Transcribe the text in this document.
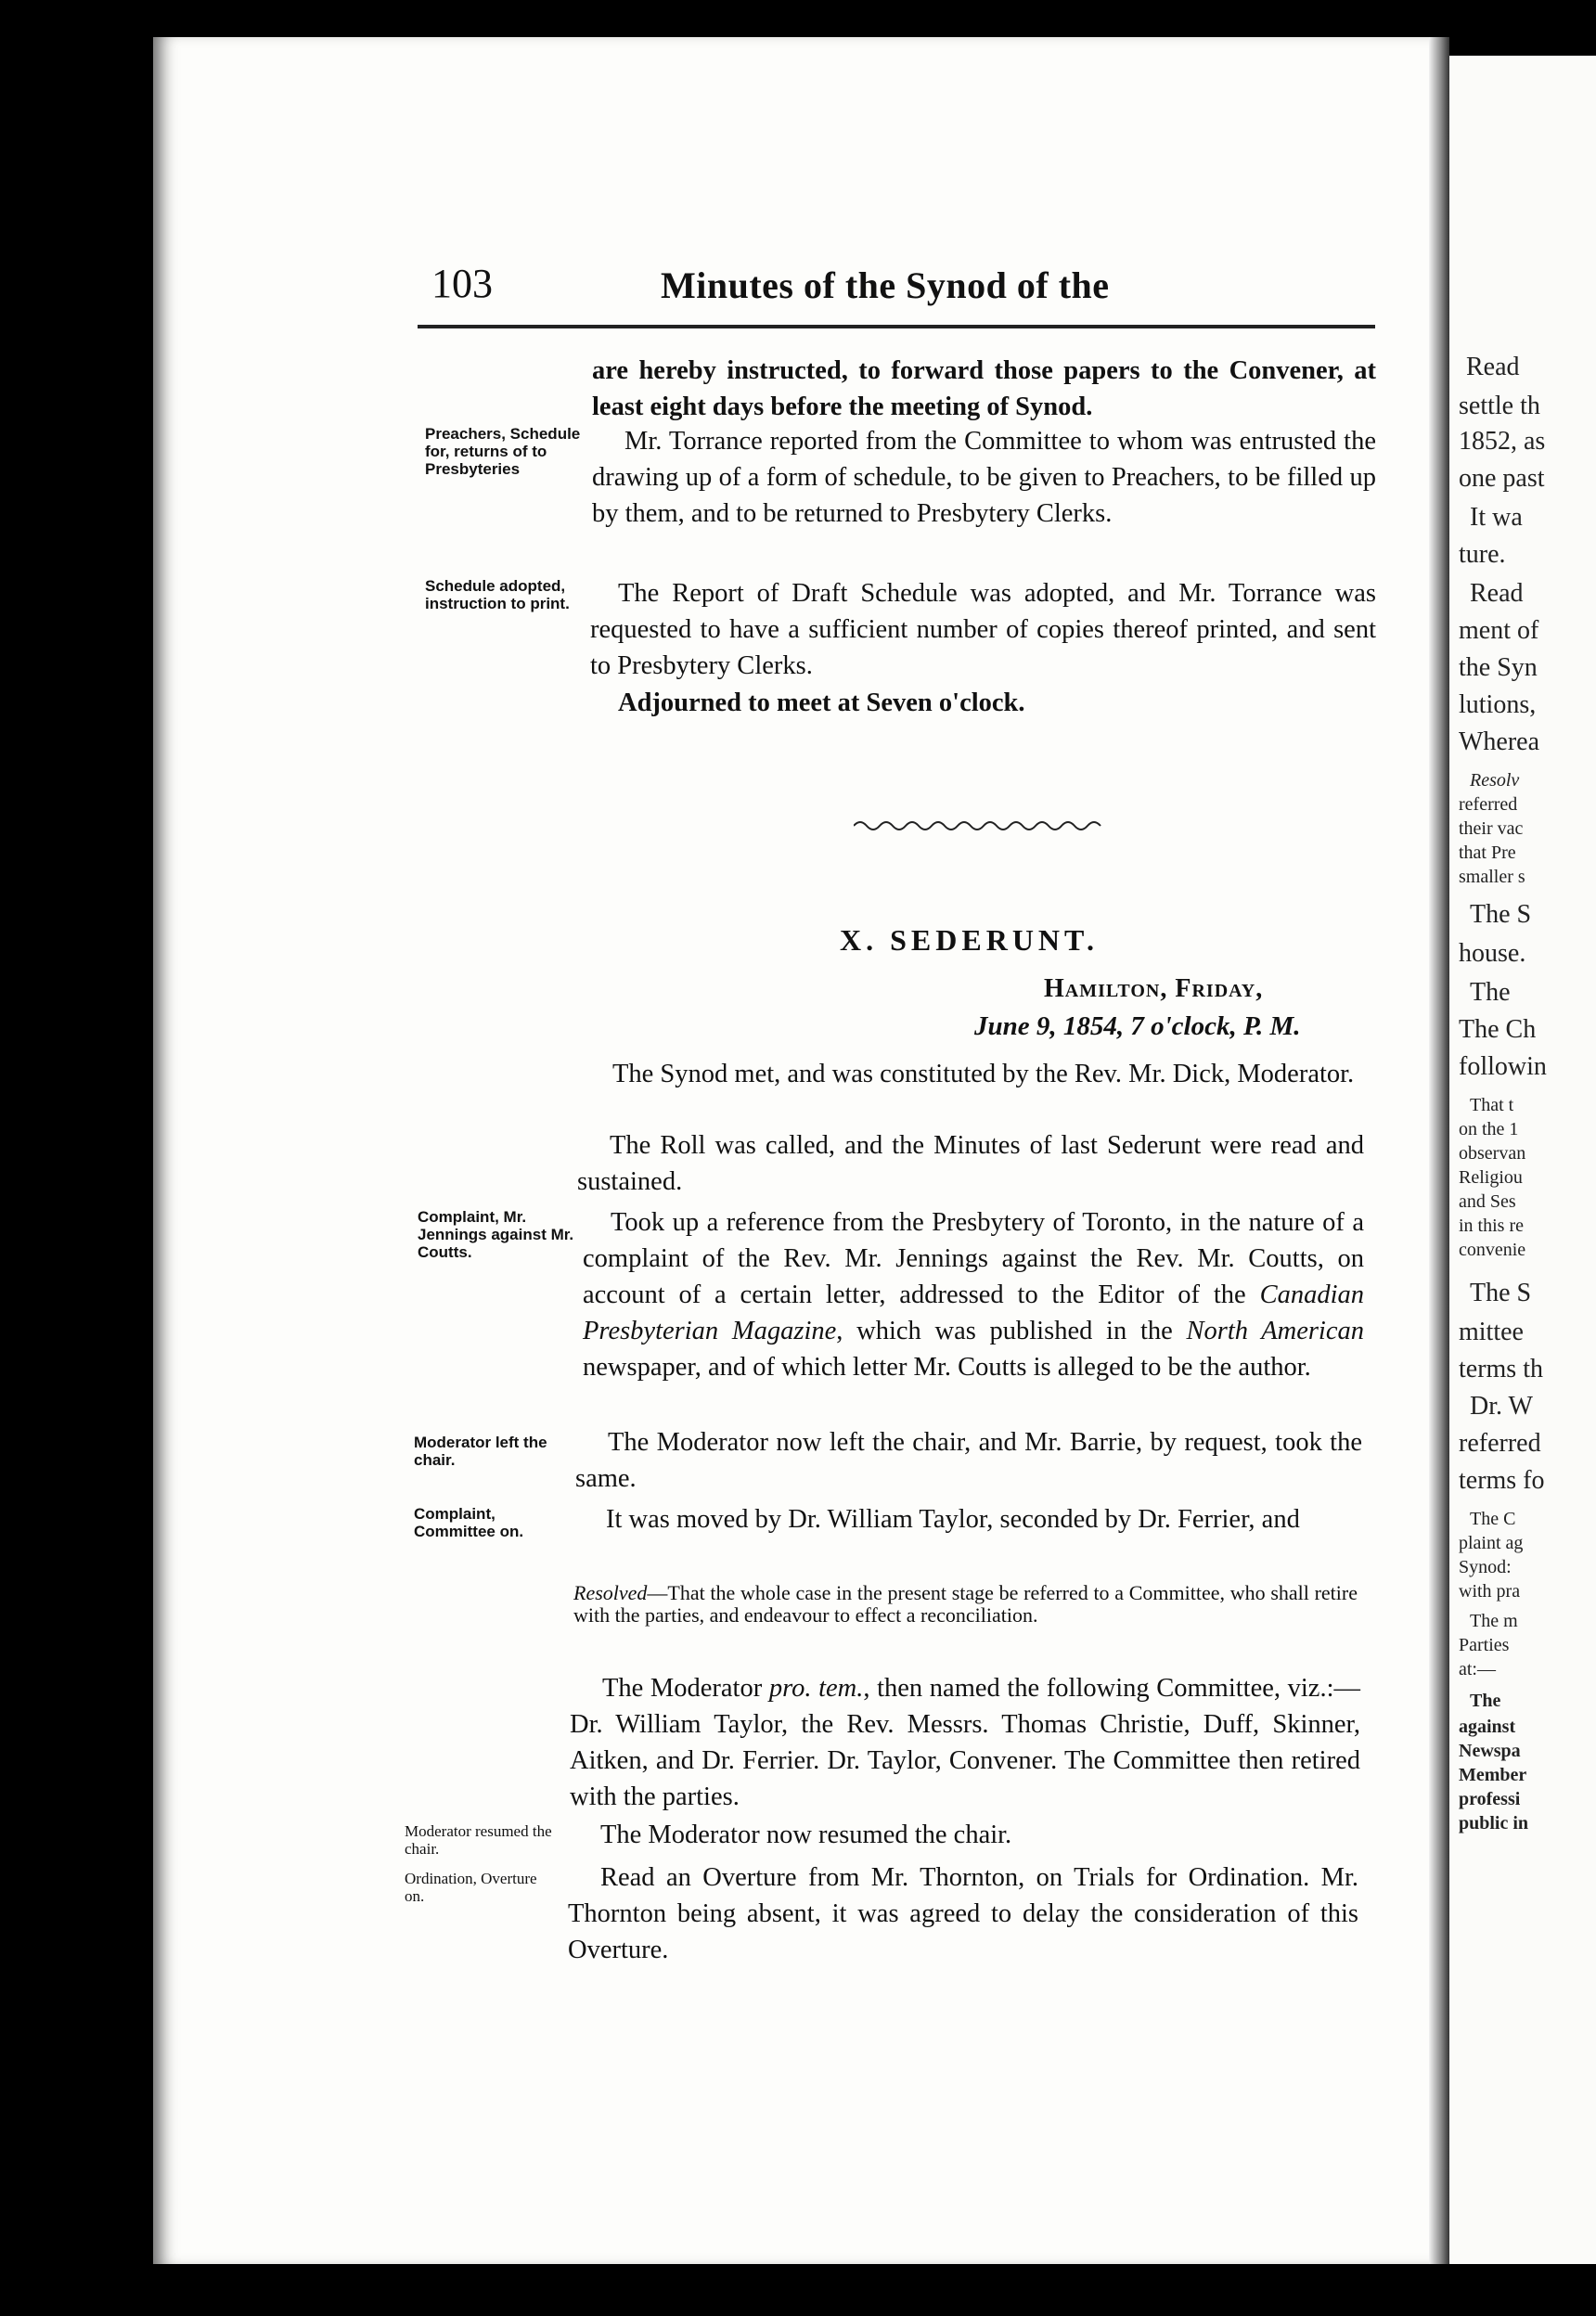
103	Minutes of the Synod of the

are hereby instructed, to forward those papers to the Convener, at least eight days before the meeting of Synod.

Preachers, Schedule for, returns of to Presbyteries

Mr. Torrance reported from the Committee to whom was entrusted the drawing up of a form of schedule, to be given to Preachers, to be filled up by them, and to be returned to Presbytery Clerks.

Schedule adopted, instruction to print.	The Report of Draft Schedule was adopted, and Mr. Torrance was requested to have a sufficient number of copies thereof printed, and sent to Presbytery Clerks.

Adjourned to meet at Seven o'clock.

X. SEDERUNT.
Hamilton, Friday,
June 9, 1854, 7 o'clock, P. M.

The Synod met, and was constituted by the Rev. Mr. Dick, Moderator.

The Roll was called, and the Minutes of last Sederunt were read and sustained.

Complaint, Mr. Jennings against Mr. Coutts.

Took up a reference from the Presbytery of Toronto, in the nature of a complaint of the Rev. Mr. Jennings against the Rev. Mr. Coutts, on account of a certain letter, addressed to the Editor of the Canadian Presbyterian Magazine, which was published in the North American newspaper, and of which letter Mr. Coutts is alleged to be the author.

Moderator left the chair.

The Moderator now left the chair, and Mr. Barrie, by request, took the same.

Complaint, Committee on.	It was moved by Dr. William Taylor, seconded by Dr. Ferrier, and

Resolved—That the whole case in the present stage be referred to a Committee, who shall retire with the parties, and endeavour to effect a reconciliation.

The Moderator pro. tem., then named the following Committee, viz.:—Dr. William Taylor, the Rev. Messrs. Thomas Christie, Duff, Skinner, Aitken, and Dr. Ferrier. Dr. Taylor, Convener. The Committee then retired with the parties.

Moderator resumed the chair.	The Moderator now resumed the chair.

Ordination, Overture on.

Read an Overture from Mr. Thornton, on Trials for Ordination. Mr. Thornton being absent, it was agreed to delay the consideration of this Overture.

Read
settle th
1852, as
one past
It wa
ture.
Read
ment of
the Syn
lutions,
Wherea
Resolv
referred
their vac
that Pre
smaller s
The S
house.
The
The Ch
followin
That t
on the 1
observan
Religiou
and Ses
in this re
convenie
The S
mittee
terms th
Dr. W
referred
terms fo
The C
plaint ag
Synod:
with pra
The m
Parties
at:—
The
against
Newspa
Member
professi
public in
